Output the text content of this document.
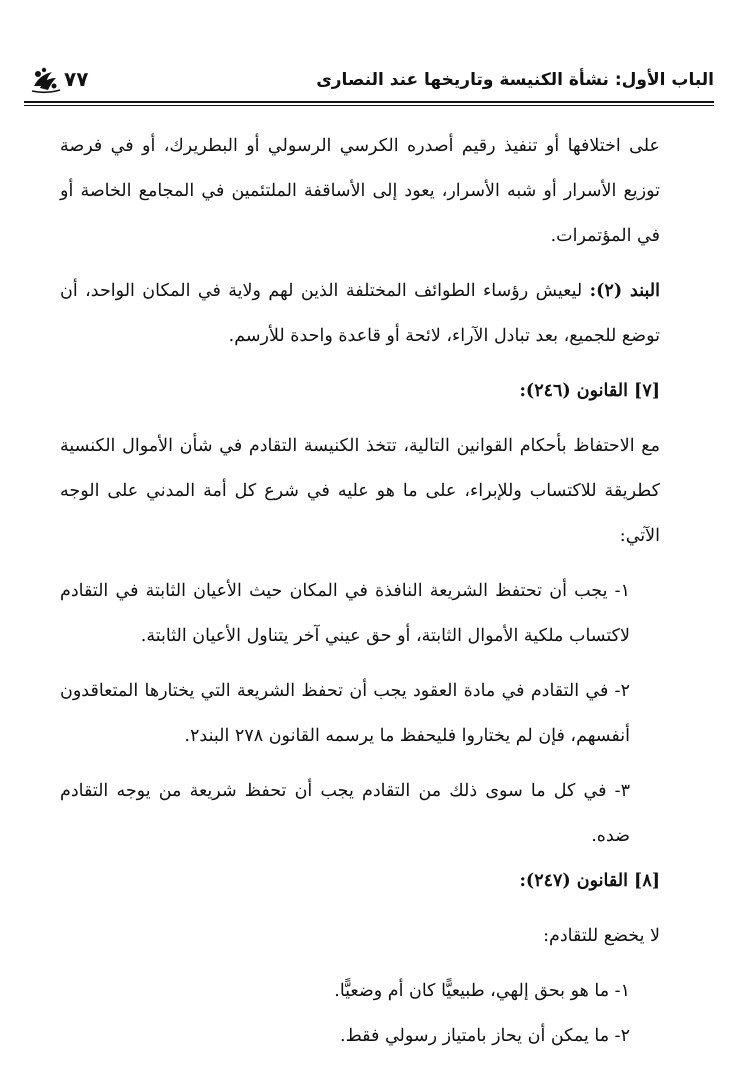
الباب الأول: نشأة الكنيسة وتاريخها عند النصارى
٧٧

على اختلافها أو تنفيذ رقيم أصدره الكرسي الرسولي أو البطريرك، أو في فرصة توزيع الأسرار أو شبه الأسرار، يعود إلى الأساقفة الملتئمين في المجامع الخاصة أو في المؤتمرات.

البند (٢): ليعيش رؤساء الطوائف المختلفة الذين لهم ولاية في المكان الواحد، أن توضع للجميع، بعد تبادل الآراء، لائحة أو قاعدة واحدة للأرسم.

[٧] القانون (٢٤٦):

مع الاحتفاظ بأحكام القوانين التالية، تتخذ الكنيسة التقادم في شأن الأموال الكنسية كطريقة للاكتساب وللإبراء، على ما هو عليه في شرع كل أمة المدني على الوجه الآتي:

١- يجب أن تحتفظ الشريعة النافذة في المكان حيث الأعيان الثابتة في التقادم لاكتساب ملكية الأموال الثابتة، أو حق عيني آخر يتناول الأعيان الثابتة.

٢- في التقادم في مادة العقود يجب أن تحفظ الشريعة التي يختارها المتعاقدون أنفسهم، فإن لم يختاروا فليحفظ ما يرسمه القانون ٢٧٨ البند٢.

٣- في كل ما سوى ذلك من التقادم يجب أن تحفظ شريعة من يوجه التقادم ضده.

[٨] القانون (٢٤٧):

لا يخضع للتقادم:

١- ما هو بحق إلهي، طبيعيًّا كان أم وضعيًّا.

٢- ما يمكن أن يحاز بامتياز رسولي فقط.
